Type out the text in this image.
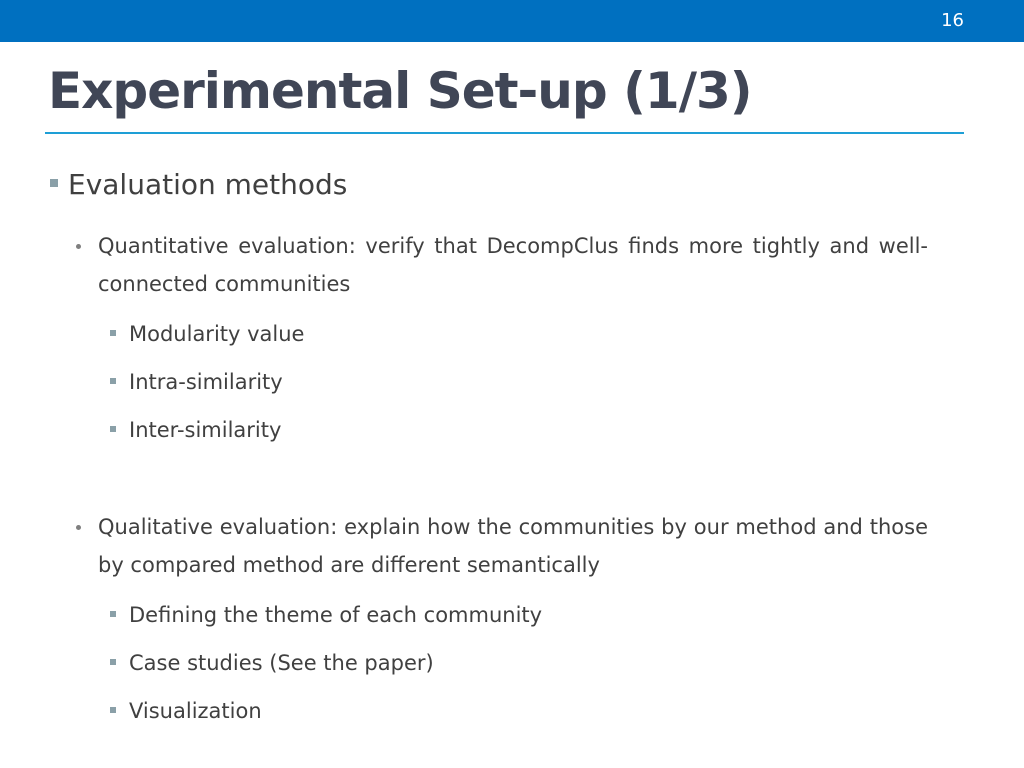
16
Experimental Set-up (1/3)
Evaluation methods
Quantitative evaluation: verify that DecompClus finds more tightly and well-connected communities
Modularity value
Intra-similarity
Inter-similarity
Qualitative evaluation: explain how the communities by our method and those by compared method are different semantically
Defining the theme of each community
Case studies (See the paper)
Visualization
